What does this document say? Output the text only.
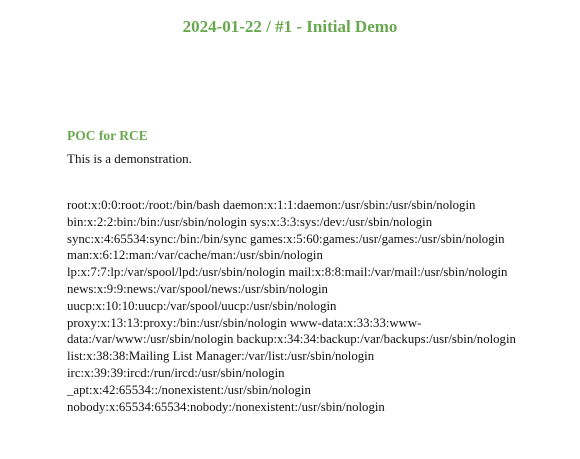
2024-01-22 / #1 - Initial Demo
POC for RCE

This is a demonstration.

root:x:0:0:root:/root:/bin/bash daemon:x:1:1:daemon:/usr/sbin:/usr/sbin/nologin bin:x:2:2:bin:/bin:/usr/sbin/nologin sys:x:3:3:sys:/dev:/usr/sbin/nologin sync:x:4:65534:sync:/bin:/bin/sync games:x:5:60:games:/usr/games:/usr/sbin/nologin man:x:6:12:man:/var/cache/man:/usr/sbin/nologin lp:x:7:7:lp:/var/spool/lpd:/usr/sbin/nologin mail:x:8:8:mail:/var/mail:/usr/sbin/nologin news:x:9:9:news:/var/spool/news:/usr/sbin/nologin uucp:x:10:10:uucp:/var/spool/uucp:/usr/sbin/nologin proxy:x:13:13:proxy:/bin:/usr/sbin/nologin www-data:x:33:33:www-data:/var/www:/usr/sbin/nologin backup:x:34:34:backup:/var/backups:/usr/sbin/nologin list:x:38:38:Mailing List Manager:/var/list:/usr/sbin/nologin irc:x:39:39:ircd:/run/ircd:/usr/sbin/nologin _apt:x:42:65534::/nonexistent:/usr/sbin/nologin nobody:x:65534:65534:nobody:/nonexistent:/usr/sbin/nologin
